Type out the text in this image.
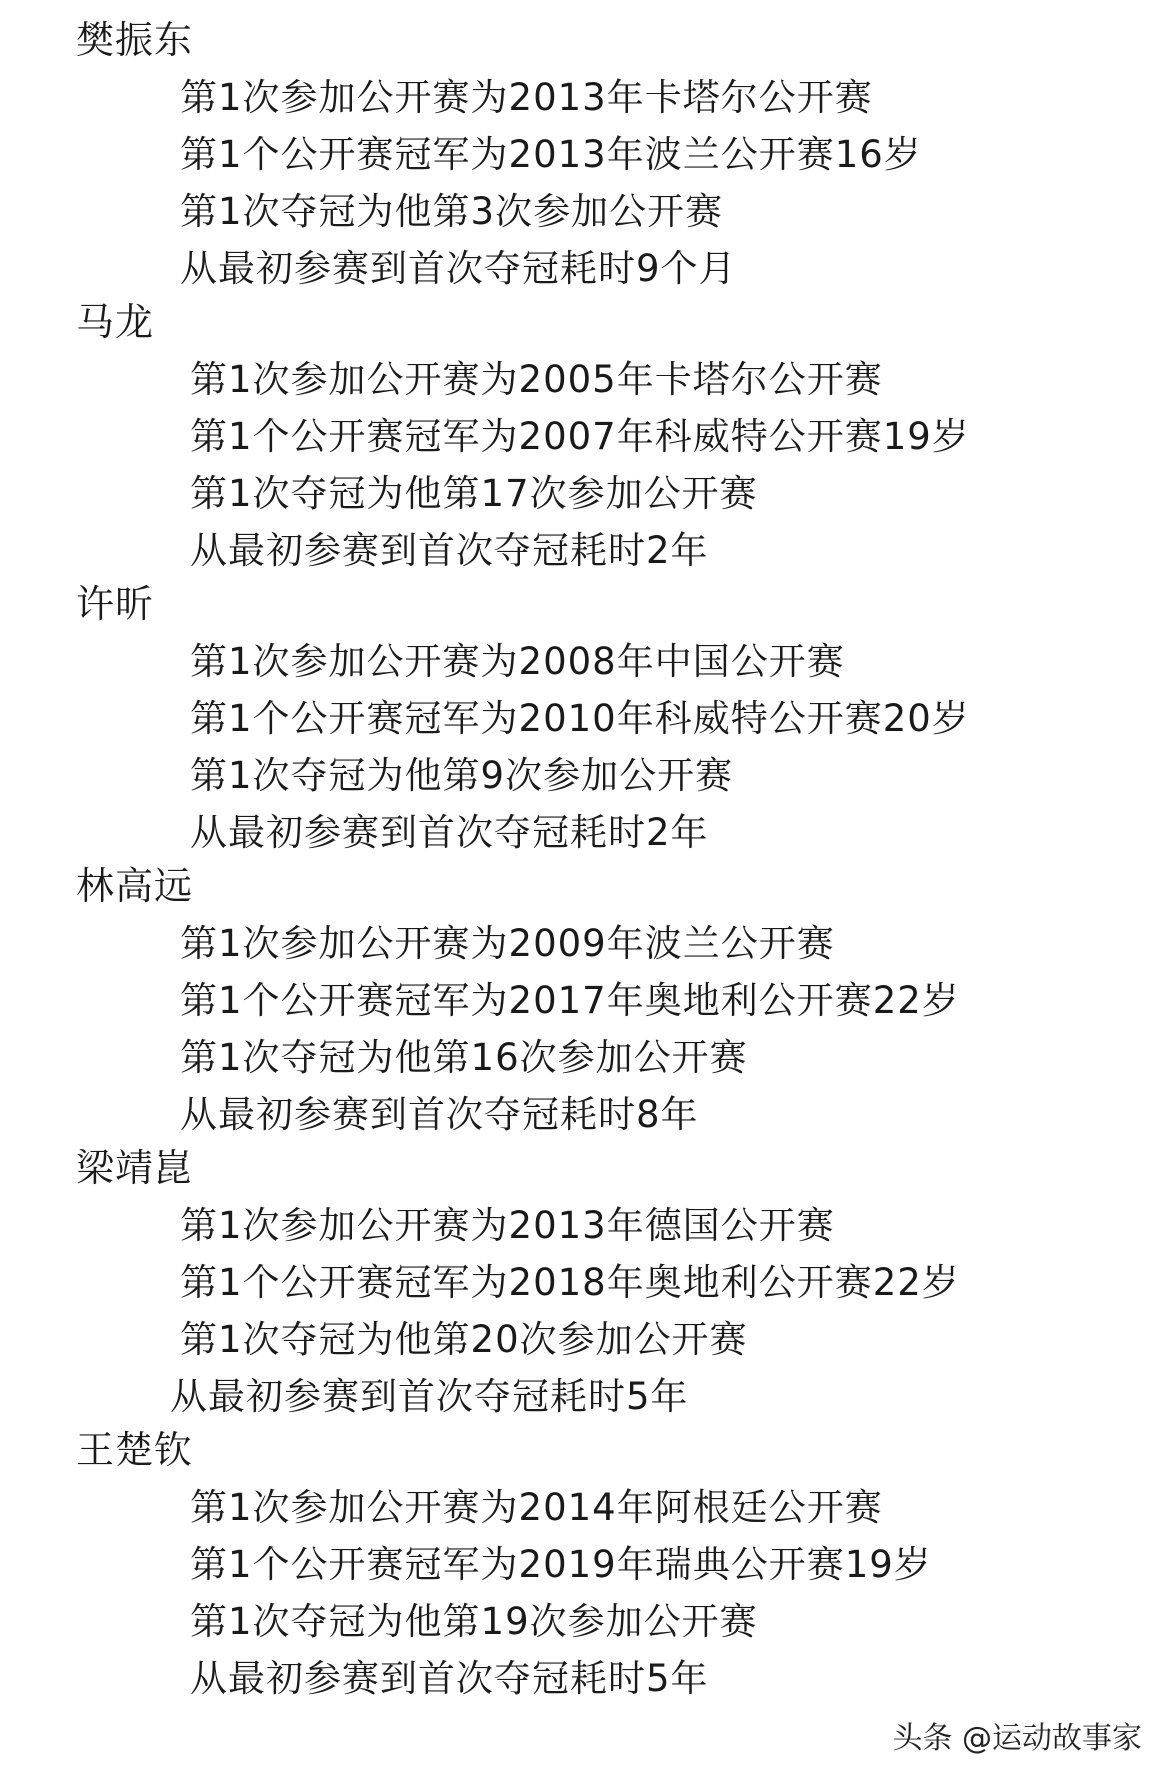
樊振东
第1次参加公开赛为2013年卡塔尔公开赛
第1个公开赛冠军为2013年波兰公开赛16岁
第1次夺冠为他第3次参加公开赛
从最初参赛到首次夺冠耗时9个月
马龙
第1次参加公开赛为2005年卡塔尔公开赛
第1个公开赛冠军为2007年科威特公开赛19岁
第1次夺冠为他第17次参加公开赛
从最初参赛到首次夺冠耗时2年
许昕
第1次参加公开赛为2008年中国公开赛
第1个公开赛冠军为2010年科威特公开赛20岁
第1次夺冠为他第9次参加公开赛
从最初参赛到首次夺冠耗时2年
林高远
第1次参加公开赛为2009年波兰公开赛
第1个公开赛冠军为2017年奥地利公开赛22岁
第1次夺冠为他第16次参加公开赛
从最初参赛到首次夺冠耗时8年
梁靖崑
第1次参加公开赛为2013年德国公开赛
第1个公开赛冠军为2018年奥地利公开赛22岁
第1次夺冠为他第20次参加公开赛
从最初参赛到首次夺冠耗时5年
王楚钦
第1次参加公开赛为2014年阿根廷公开赛
第1个公开赛冠军为2019年瑞典公开赛19岁
第1次夺冠为他第19次参加公开赛
从最初参赛到首次夺冠耗时5年
头条 @运动故事家
